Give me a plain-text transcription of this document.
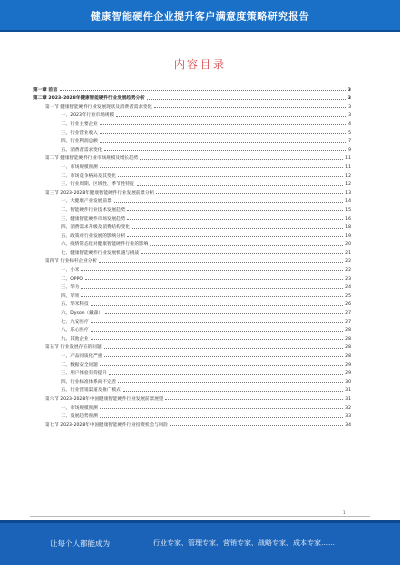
健康智能硬件企业提升客户满意度策略研究报告
内容目录
第一章 前言	3
第二章 2023-2028年健康智能硬件行业发展趋势分析	3
第一节 健康智能硬件行业发展现状及消费者需求变化	3
一、2023年行业市场规模	3
二、行业主要企业	4
三、行业营业收入	5
四、行业利润总额	7
五、消费者需求变化	9
第二节 健康智能硬件行业市场规模及增长趋势	11
一、市场规模预测	11
二、市场竞争格局及其变化	12
三、行业周期、区域性、季节性特征	12
第三节 2023-2028年健康智能硬件行业发展前景分析	13
一、大健康产业发展前景	14
二、智能硬件行业技术发展趋势	15
三、健康智能硬件市场发展趋势	16
四、消费需求升级及消费结构变化	18
五、政策对行业发展的影响分析	19
六、疫情常态化对健康智能硬件行业的影响	20
七、健康智能硬件行业发展机遇与挑战	21
第四节 行业标杆企业分析	22
一、小米	22
二、OPPO	23
三、华为	24
四、苹果	25
五、华米科技	26
六、Dyson（戴森）	27
七、九安医疗	27
八、乐心医疗	28
九、其他企业	28
第五节 行业发展存在的问题	28
一、产品同质化严重	28
二、数据安全问题	29
三、用户体验有待提升	29
四、行业标准体系尚不完善	30
五、行业营销渠道及推广模式	31
第六节 2023-2028年中国健康智能硬件行业发展前景展望	31
一、市场规模预测	32
二、发展趋势预测	33
第七节 2023-2028年中国健康智能硬件行业投资机会与风险	34
1
让每个人都能成为	行业专家、管理专家、营销专家、战略专家、成本专家……
